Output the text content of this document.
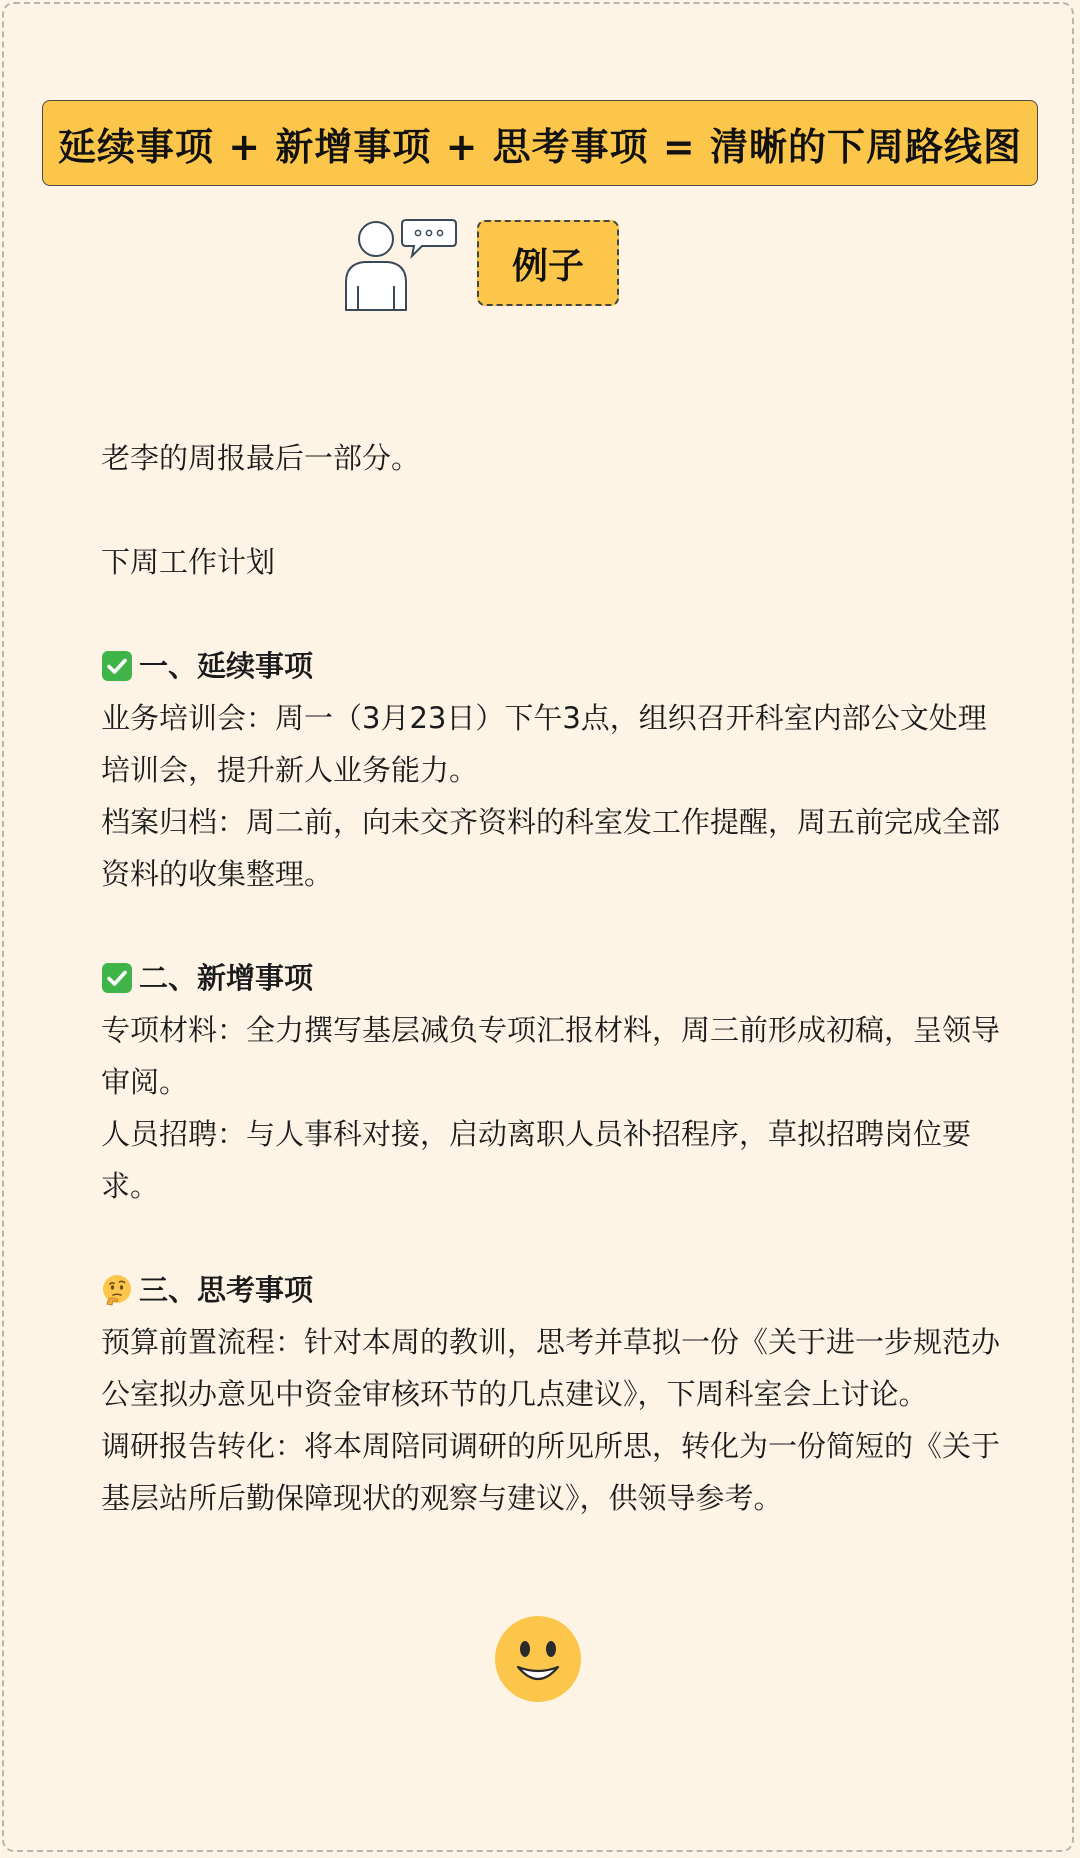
延续事项 + 新增事项 + 思考事项 = 清晰的下周路线图
例子

老李的周报最后一部分。

下周工作计划

一、延续事项

业务培训会：周一（3月23日）下午3点，组织召开科室内部公文处理培训会，提升新人业务能力。

档案归档：周二前，向未交齐资料的科室发工作提醒，周五前完成全部资料的收集整理。

二、新增事项

专项材料：全力撰写基层减负专项汇报材料，周三前形成初稿，呈领导审阅。

人员招聘：与人事科对接，启动离职人员补招程序，草拟招聘岗位要求。

三、思考事项

预算前置流程：针对本周的教训，思考并草拟一份《关于进一步规范办公室拟办意见中资金审核环节的几点建议》，下周科室会上讨论。

调研报告转化：将本周陪同调研的所见所思，转化为一份简短的《关于基层站所后勤保障现状的观察与建议》，供领导参考。
